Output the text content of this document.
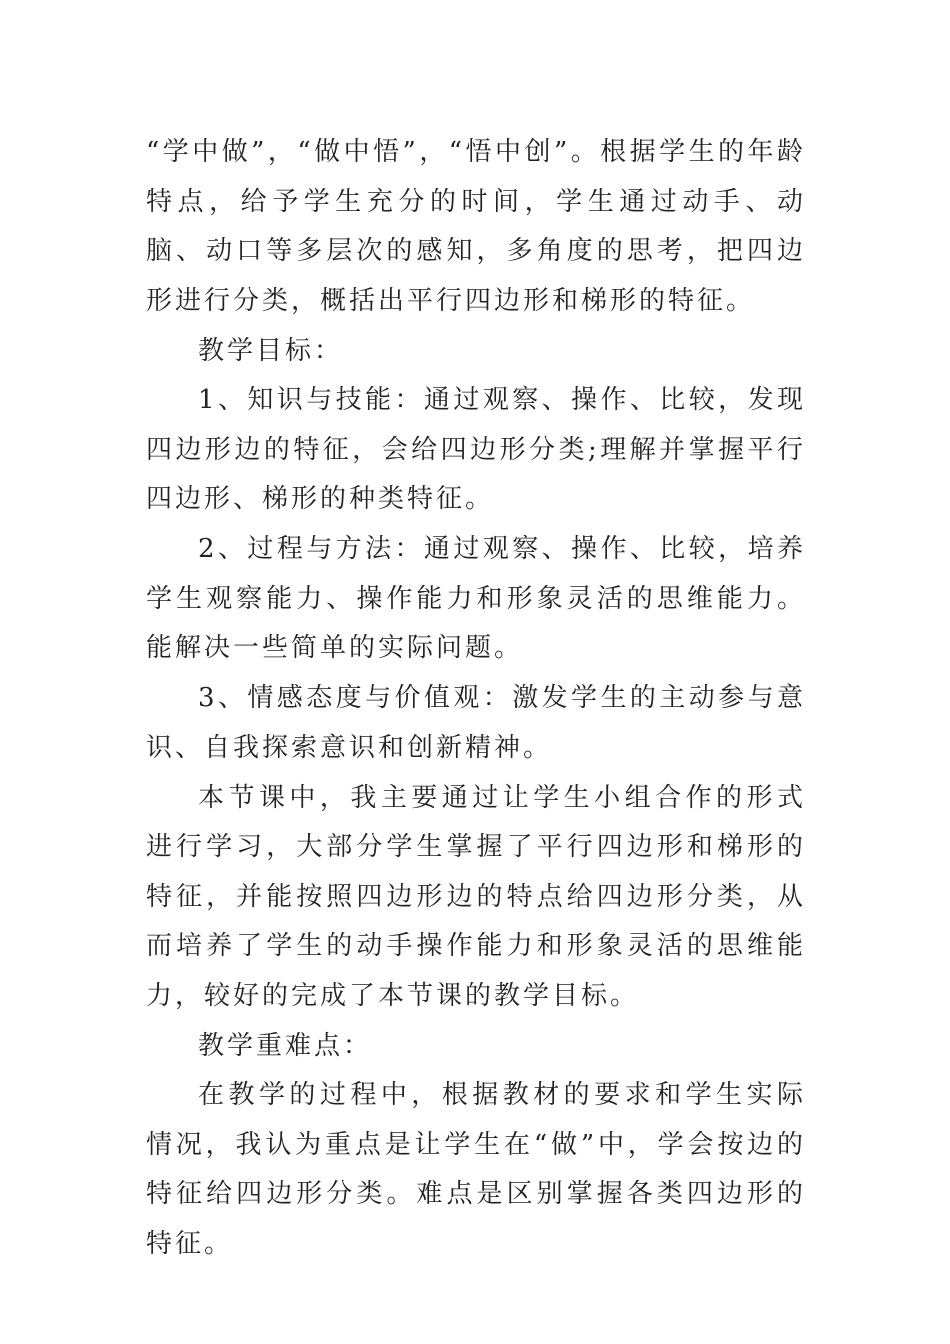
“学中做”，“做中悟”，“悟中创”。根据学生的年龄特点，给予学生充分的时间，学生通过动手、动脑、动口等多层次的感知，多角度的思考，把四边形进行分类，概括出平行四边形和梯形的特征。

教学目标：

1、知识与技能：通过观察、操作、比较，发现四边形边的特征，会给四边形分类;理解并掌握平行四边形、梯形的种类特征。

2、过程与方法：通过观察、操作、比较，培养学生观察能力、操作能力和形象灵活的思维能力。能解决一些简单的实际问题。

3、情感态度与价值观：激发学生的主动参与意识、自我探索意识和创新精神。

本节课中，我主要通过让学生小组合作的形式进行学习，大部分学生掌握了平行四边形和梯形的特征，并能按照四边形边的特点给四边形分类，从而培养了学生的动手操作能力和形象灵活的思维能力，较好的完成了本节课的教学目标。

教学重难点：

在教学的过程中，根据教材的要求和学生实际情况，我认为重点是让学生在“做”中，学会按边的特征给四边形分类。难点是区别掌握各类四边形的特征。
